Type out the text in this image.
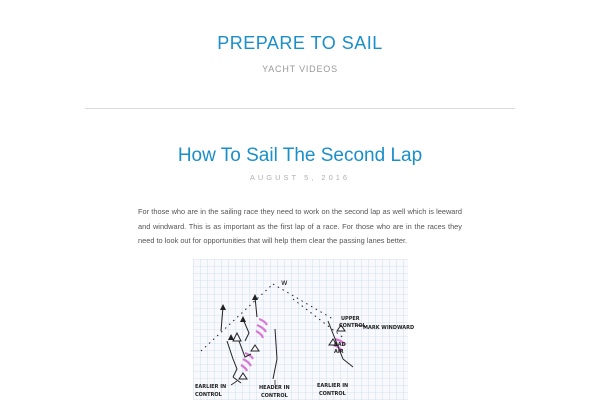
PREPARE TO SAIL
YACHT VIDEOS
How To Sail The Second Lap
AUGUST 5, 2016

For those who are in the sailing race they need to work on the second lap as well which is leeward and windward. This is as important as the first lap of a race. For those who are in the races they need to look out for opportunities that will help them clear the passing lanes better.

w
UPPER
CONTROL
MARK WINDWARD
BAD
AIR
EARLIER IN
CONTROL
HEADER IN
CONTROL
EARLIER IN
CONTROL
